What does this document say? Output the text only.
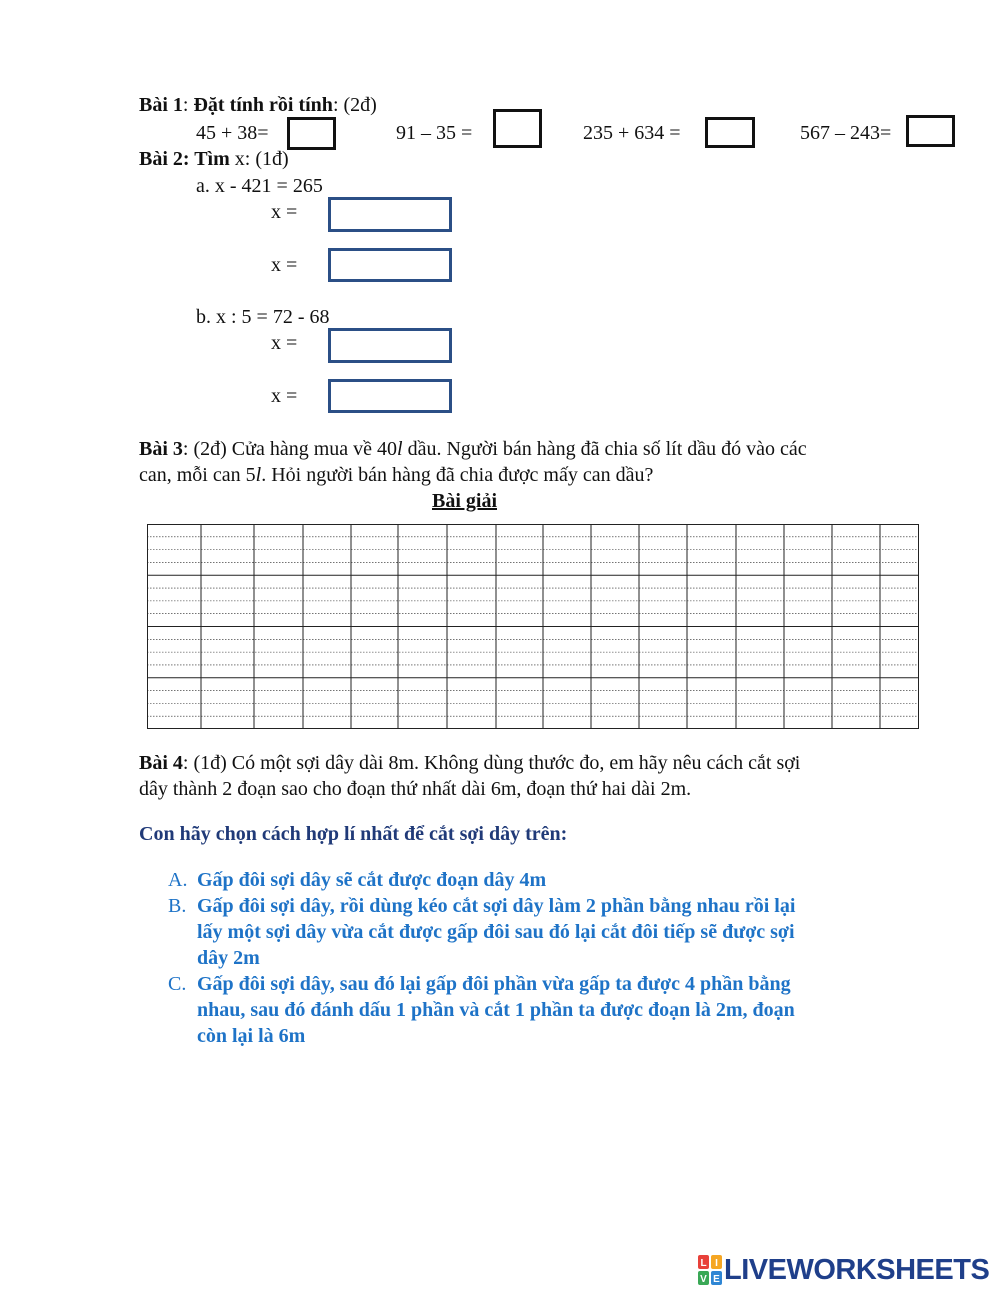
Bài 1: Đặt tính rồi tính: (2đ)
45 + 38=	91 – 35 =	235 + 634 =	567 – 243=
Bài 2: Tìm x: (1đ)
a. x - 421 = 265
x =
x =
b. x : 5 = 72 - 68
x =
x =
Bài 3: (2đ) Cửa hàng mua về 40l dầu. Người bán hàng đã chia số lít dầu đó vào các
can, mỗi can 5l. Hỏi người bán hàng đã chia được mấy can dầu?
Bài giải
Bài 4: (1đ) Có một sợi dây dài 8m. Không dùng thước đo, em hãy nêu cách cắt sợi
dây thành 2 đoạn sao cho đoạn thứ nhất dài 6m, đoạn thứ hai dài 2m.
Con hãy chọn cách hợp lí nhất để cắt sợi dây trên:
A. Gấp đôi sợi dây sẽ cắt được đoạn dây 4m
B. Gấp đôi sợi dây, rồi dùng kéo cắt sợi dây làm 2 phần bằng nhau rồi lại
lấy một sợi dây vừa cắt được gấp đôi sau đó lại cắt đôi tiếp sẽ được sợi
dây 2m
C. Gấp đôi sợi dây, sau đó lại gấp đôi phần vừa gấp ta được 4 phần bằng
nhau, sau đó đánh dấu 1 phần và cắt 1 phần ta được đoạn là 2m, đoạn
còn lại là 6m
L I
V E LIVEWORKSHEETS
